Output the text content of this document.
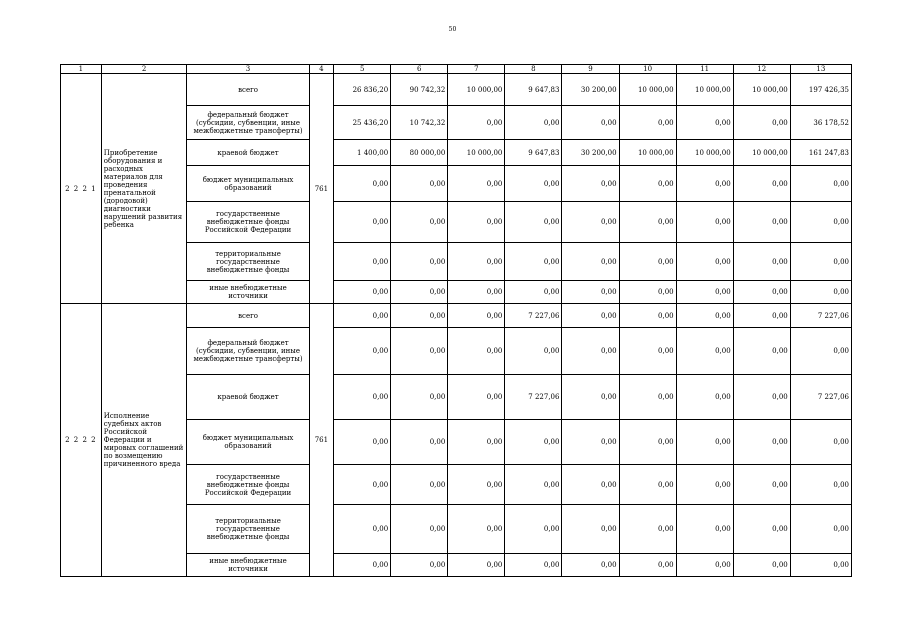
50
1	2	3	4	5	6	7	8	9	10	11	12	13
2 2 2 1	Приобретение оборудования и расходных материалов для проведения пренатальной (дородовой) диагностики нарушений развития ребенка	всего	761	26 836,20	90 742,32	10 000,00	9 647,83	30 200,00	10 000,00	10 000,00	10 000,00	197 426,35
		федеральный бюджет (субсидии, субвенции, иные межбюджетные трансферты)		25 436,20	10 742,32	0,00	0,00	0,00	0,00	0,00	0,00	36 178,52
		краевой бюджет		1 400,00	80 000,00	10 000,00	9 647,83	30 200,00	10 000,00	10 000,00	10 000,00	161 247,83
		бюджет муниципальных образований		0,00	0,00	0,00	0,00	0,00	0,00	0,00	0,00	0,00
		государственные внебюджетные фонды Российской Федерации		0,00	0,00	0,00	0,00	0,00	0,00	0,00	0,00	0,00
		территориальные государственные внебюджетные фонды		0,00	0,00	0,00	0,00	0,00	0,00	0,00	0,00	0,00
		иные внебюджетные источники		0,00	0,00	0,00	0,00	0,00	0,00	0,00	0,00	0,00
2 2 2 2	Исполнение судебных актов Российской Федерации и мировых соглашений по возмещению причиненного вреда	всего	761	0,00	0,00	0,00	7 227,06	0,00	0,00	0,00	0,00	7 227,06
		федеральный бюджет (субсидии, субвенции, иные межбюджетные трансферты)		0,00	0,00	0,00	0,00	0,00	0,00	0,00	0,00	0,00
		краевой бюджет		0,00	0,00	0,00	7 227,06	0,00	0,00	0,00	0,00	7 227,06
		бюджет муниципальных образований		0,00	0,00	0,00	0,00	0,00	0,00	0,00	0,00	0,00
		государственные внебюджетные фонды Российской Федерации		0,00	0,00	0,00	0,00	0,00	0,00	0,00	0,00	0,00
		территориальные государственные внебюджетные фонды		0,00	0,00	0,00	0,00	0,00	0,00	0,00	0,00	0,00
		иные внебюджетные источники		0,00	0,00	0,00	0,00	0,00	0,00	0,00	0,00	0,00
